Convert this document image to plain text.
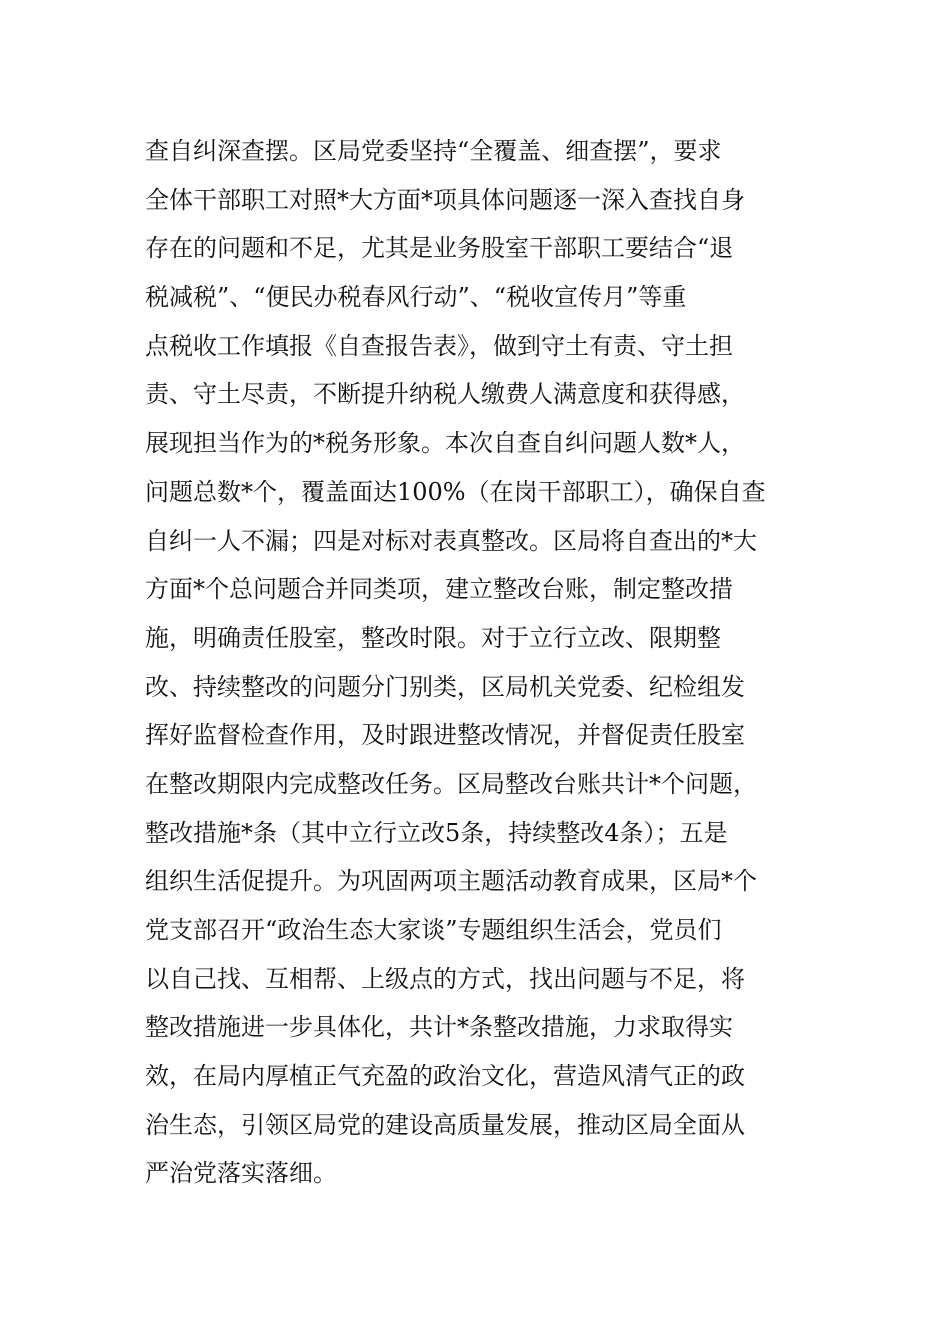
查自纠深查摆。区局党委坚持“全覆盖、细查摆”，要求
全体干部职工对照*大方面*项具体问题逐一深入查找自身
存在的问题和不足，尤其是业务股室干部职工要结合“退
税减税”、“便民办税春风行动”、“税收宣传月”等重
点税收工作填报《自查报告表》，做到守土有责、守土担
责、守土尽责，不断提升纳税人缴费人满意度和获得感，
展现担当作为的*税务形象。本次自查自纠问题人数*人，
问题总数*个，覆盖面达100%（在岗干部职工），确保自查
自纠一人不漏；四是对标对表真整改。区局将自查出的*大
方面*个总问题合并同类项，建立整改台账，制定整改措
施，明确责任股室，整改时限。对于立行立改、限期整
改、持续整改的问题分门别类，区局机关党委、纪检组发
挥好监督检查作用，及时跟进整改情况，并督促责任股室
在整改期限内完成整改任务。区局整改台账共计*个问题，
整改措施*条（其中立行立改5条，持续整改4条）；五是
组织生活促提升。为巩固两项主题活动教育成果，区局*个
党支部召开“政治生态大家谈”专题组织生活会，党员们
以自己找、互相帮、上级点的方式，找出问题与不足，将
整改措施进一步具体化，共计*条整改措施，力求取得实
效，在局内厚植正气充盈的政治文化，营造风清气正的政
治生态，引领区局党的建设高质量发展，推动区局全面从
严治党落实落细。
